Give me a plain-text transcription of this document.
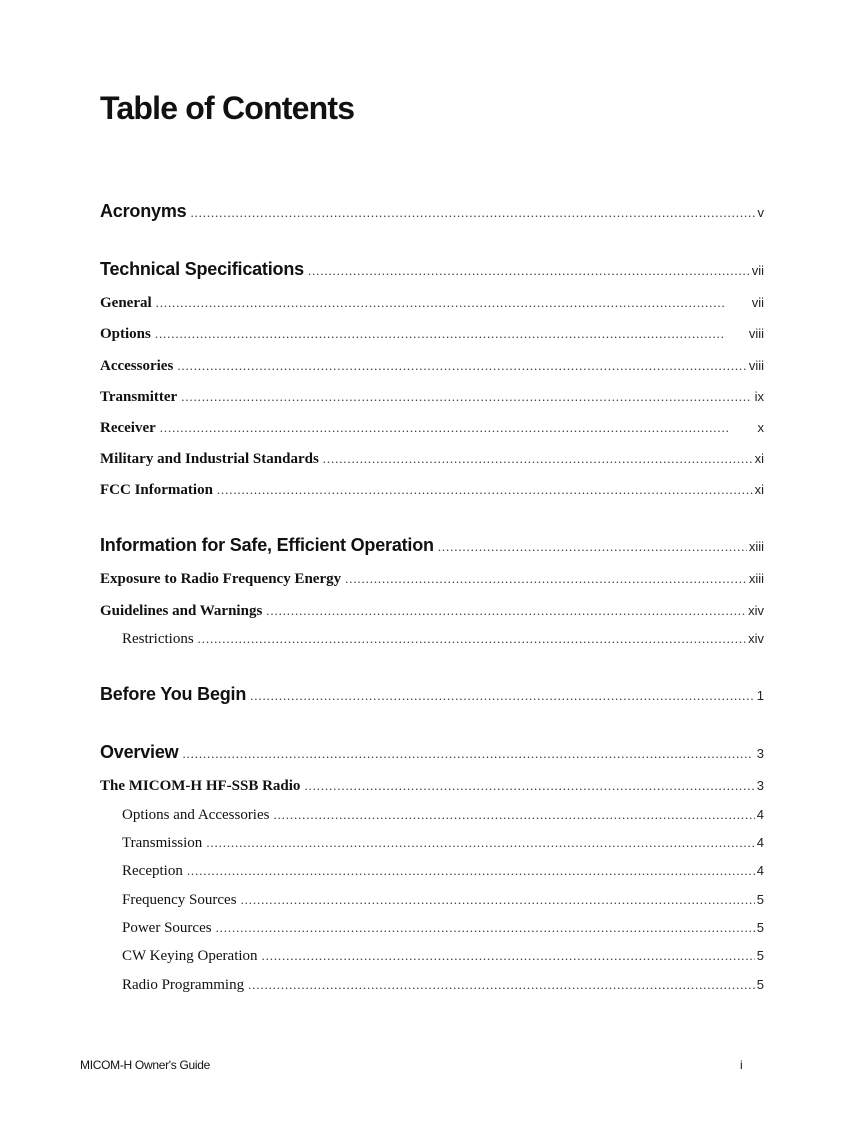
Table of Contents
Acronyms . . .	v
Technical Specifications . . .	vii
General . . .	vii
Options . . .	viii
Accessories . . .	viii
Transmitter . . .	ix
Receiver . . .	x
Military and Industrial Standards . . .	xi
FCC Information . . .	xi
Information for Safe, Efficient Operation . . .	xiii
Exposure to Radio Frequency Energy . . .	xiii
Guidelines and Warnings . . .	xiv
Restrictions . . .	xiv
Before You Begin . . .	1
Overview . . .	3
The MICOM-H HF-SSB Radio . . .	3
Options and Accessories . . .	4
Transmission . . .	4
Reception . . .	4
Frequency Sources . . .	5
Power Sources . . .	5
CW Keying Operation . . .	5
Radio Programming . . .	5
MICOM-H Owner's Guide	i
